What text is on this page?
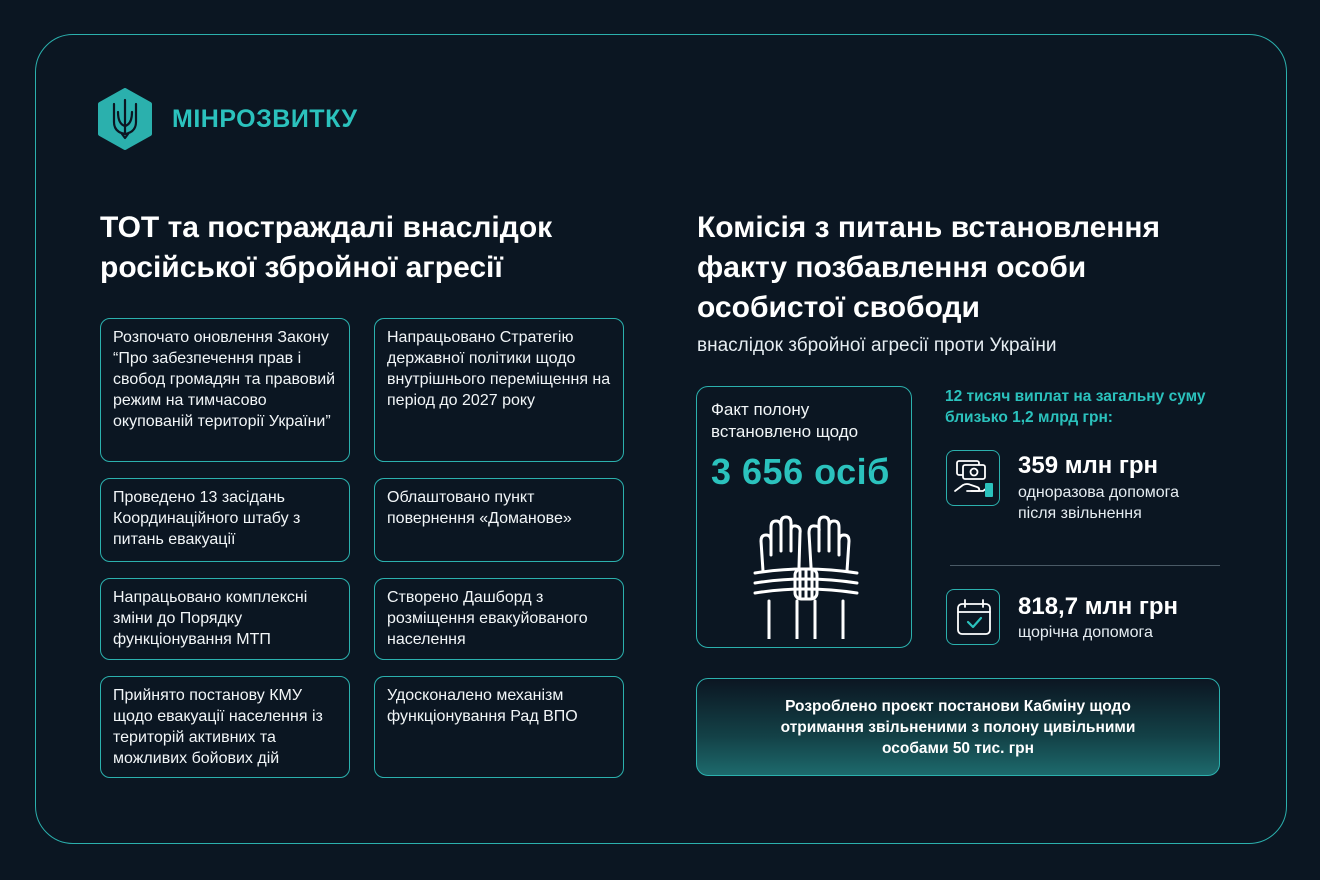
МІНРОЗВИТКУ
ТОТ та постраждалі внаслідок
російської збройної агресії
Комісія з питань встановлення
факту позбавлення особи
особистої свободи
внаслідок збройної агресії проти України
Розпочато оновлення Закону “Про забезпечення прав і свобод громадян та правовий режим на тимчасово окупованій території України”
Напрацьовано Стратегію державної політики щодо внутрішнього переміщення на період до 2027 року
Проведено 13 засідань Координаційного штабу з питань евакуації
Облаштовано пункт повернення «Доманове»
Напрацьовано комплексні зміни до Порядку функціонування МТП
Створено Дашборд з розміщення евакуйованого населення
Прийнято постанову КМУ щодо евакуації населення із територій активних та можливих бойових дій
Удосконалено механізм функціонування Рад ВПО
Факт полону встановлено щодо
3 656 осіб
12 тисяч виплат на загальну суму близько 1,2 млрд грн:
359 млн грн
одноразова допомога після звільнення
818,7 млн грн
щорічна допомога
Розроблено проєкт постанови Кабміну щодо отримання звільненими з полону цивільними особами 50 тис. грн
